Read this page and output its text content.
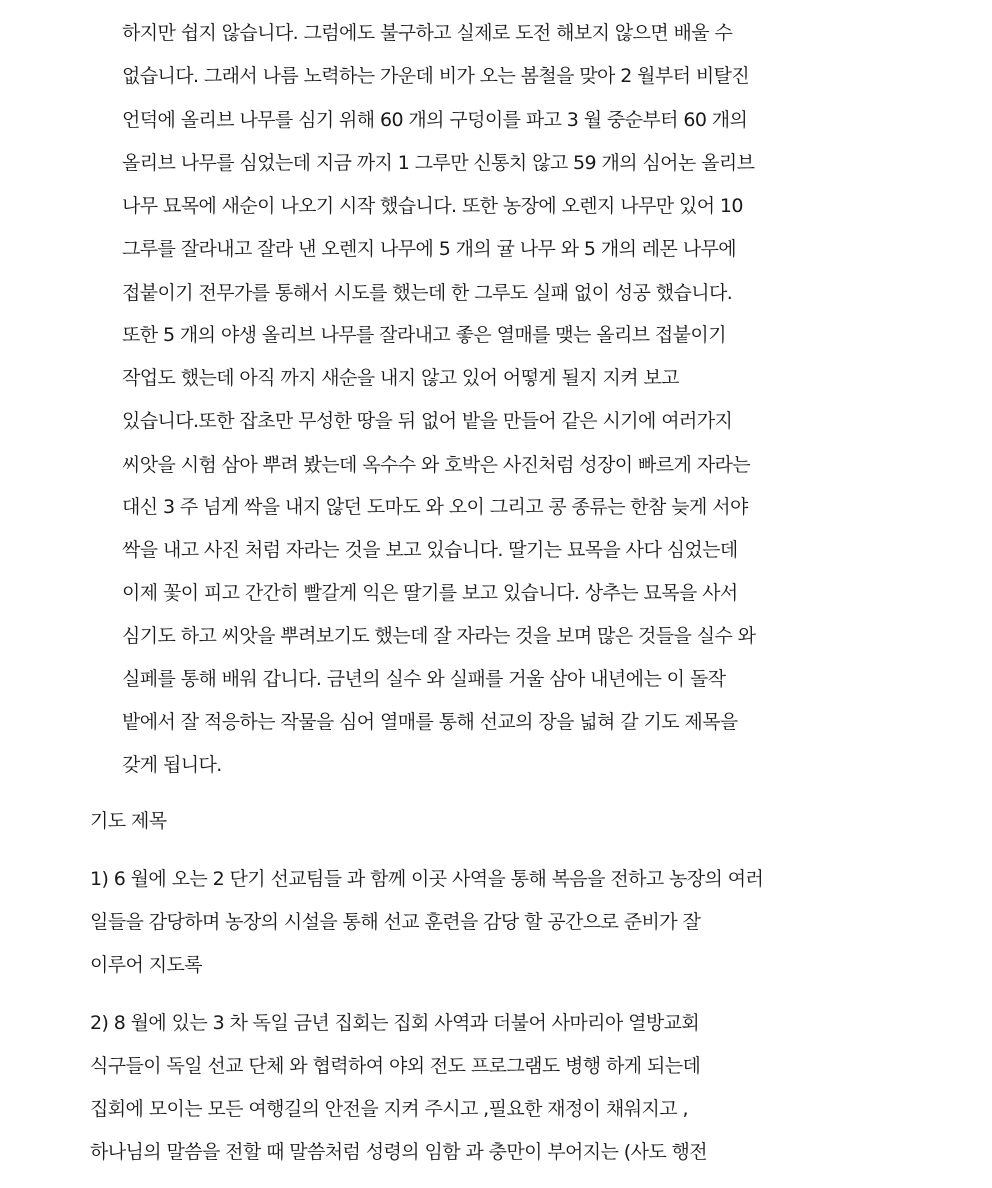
하지만 쉽지 않습니다. 그럼에도 불구하고 실제로 도전 해보지 않으면 배울 수
없습니다. 그래서 나름 노력하는 가운데 비가 오는 봄철을 맞아 2 월부터 비탈진
언덕에 올리브 나무를 심기 위해 60 개의 구덩이를 파고 3 월 중순부터 60 개의
올리브 나무를 심었는데 지금 까지 1 그루만 신통치 않고 59 개의 심어논 올리브
나무 묘목에 새순이 나오기 시작 했습니다. 또한 농장에 오렌지 나무만 있어 10
그루를 잘라내고 잘라 낸 오렌지 나무에 5 개의 귤 나무 와 5 개의 레몬 나무에
접붙이기 전무가를 통해서 시도를 했는데 한 그루도 실패 없이 성공 했습니다.
또한 5 개의 야생 올리브 나무를 잘라내고 좋은 열매를 맺는 올리브 접붙이기
작업도 했는데 아직 까지 새순을 내지 않고 있어 어떻게 될지 지켜 보고
있습니다.또한 잡초만 무성한 땅을 뒤 없어 밭을 만들어 같은 시기에 여러가지
씨앗을 시험 삼아 뿌려 봤는데 옥수수 와 호박은 사진처럼 성장이 빠르게 자라는
대신 3 주 넘게 싹을 내지 않던 도마도 와 오이 그리고 콩 종류는 한참 늦게 서야
싹을 내고 사진 처럼 자라는 것을 보고 있습니다. 딸기는 묘목을 사다 심었는데
이제 꽃이 피고 간간히 빨갈게 익은 딸기를 보고 있습니다. 상추는 묘목을 사서
심기도 하고 씨앗을 뿌려보기도 했는데 잘 자라는 것을 보며 많은 것들을 실수 와
실페를 통해 배워 갑니다. 금년의 실수 와 실패를 거울 삼아 내년에는 이 돌작
밭에서 잘 적응하는 작물을 심어 열매를 통해 선교의 장을 넓혀 갈 기도 제목을
갖게 됩니다.
기도 제목
1) 6 월에 오는 2 단기 선교팀들 과 함께 이곳 사역을 통해 복음을 전하고 농장의 여러
일들을 감당하며 농장의 시설을 통해 선교 훈련을 감당 할 공간으로 준비가 잘
이루어 지도록
2) 8 월에 있는 3 차 독일 금년 집회는 집회 사역과 더불어 사마리아 열방교회
식구들이 독일 선교 단체 와 협력하여 야외 전도 프로그램도 병행 하게 되는데
집회에 모이는 모든 여행길의 안전을 지켜 주시고 ,필요한 재정이 채워지고 ,
하나님의 말씀을 전할 때 말씀처럼 성령의 임함 과 충만이 부어지는 (사도 행전
